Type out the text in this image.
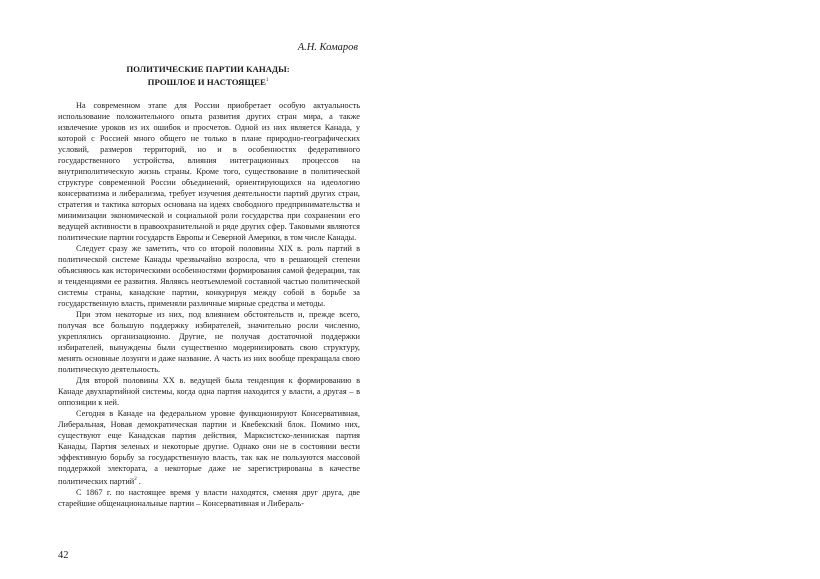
А.Н. Комаров
ПОЛИТИЧЕСКИЕ ПАРТИИ КАНАДЫ:
ПРОШЛОЕ И НАСТОЯЩЕЕ$^1$

На современном этапе для России приобретает особую актуальность использование положительного опыта развития других стран мира, а также извлечение уроков из их ошибок и просчетов. Одной из них является Канада, у которой с Россией много общего не только в плане природно-географических условий, размеров территорий, но и в особенностях федеративного государственного устройства, влияния интеграционных процессов на внутриполитическую жизнь страны. Кроме того, существование в политической структуре современной России объединений, ориентирующихся на идеологию консерватизма и либерализма, требует изучения деятельности партий других стран, стратегия и тактика которых основана на идеях свободного предпринимательства и минимизации экономической и социальной роли государства при сохранении его ведущей активности в правоохранительной и ряде других сфер. Таковыми являются политические партии государств Европы и Северной Америки, в том числе Канады.

Следует сразу же заметить, что со второй половины XIX в. роль партий в политической системе Канады чрезвычайно возросла, что в решающей степени объясняюсь как историческими особенностями формирования самой федерации, так и тенденциями ее развития. Являясь неотъемлемой составной частью политической системы страны, канадские партии, конкурируя между собой в борьбе за государственную власть, применяли различные мирные средства и методы.

При этом некоторые из них, под влиянием обстоятельств и, прежде всего, получая все большую поддержку избирателей, значительно росли численно, укреплялись организационно. Другие, не получая достаточной поддержки избирателей, вынуждены были существенно модернизировать свою структуру, менять основные лозунги и даже название. А часть из них вообще прекращала свою политическую деятельность.

Для второй половины XX в. ведущей была тенденция к формированию в Канаде двухпартийной системы, когда одна партия находится у власти, а другая – в оппозиции к ней.

Сегодня в Канаде на федеральном уровне функционируют Консервативная, Либеральная, Новая демократическая партии и Квебекский блок. Помимо них, существуют еще Канадская партия действия, Марксистско-ленинская партия Канады, Партия зеленых и некоторые другие. Однако они не в состоянии вести эффективную борьбу за государственную власть, так как не пользуются массовой поддержкой электората, а некоторые даже не зарегистрированы в качестве политических партий$^2$ .

С 1867 г. по настоящее время у власти находятся, сменяя друг друга, две старейшие общенациональные партии – Консервативная и Либераль-

42
